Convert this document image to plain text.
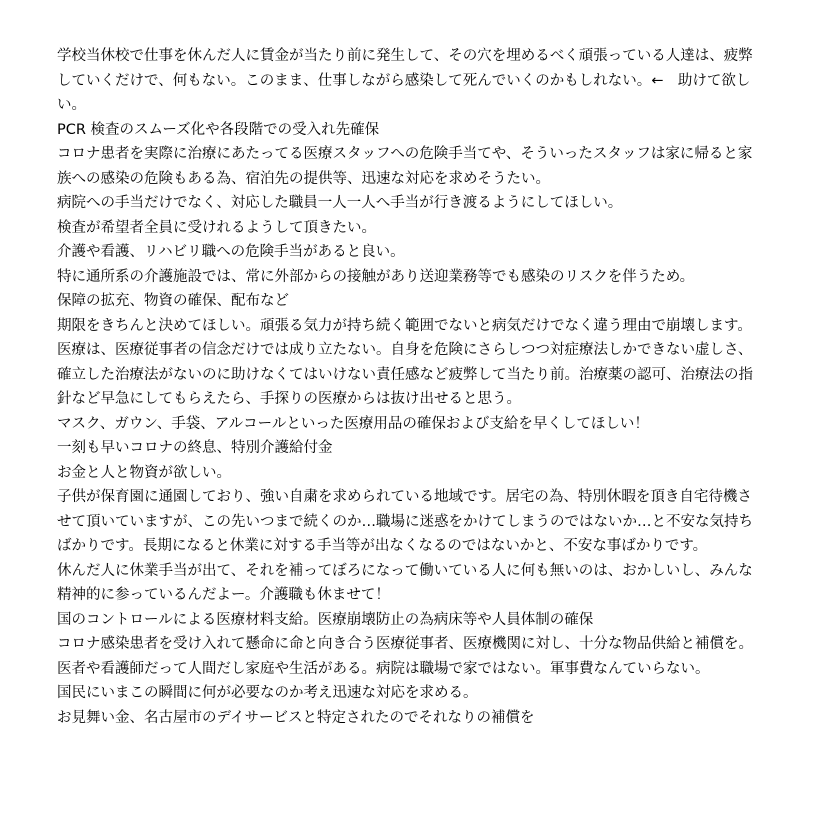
学校当休校で仕事を休んだ人に賃金が当たり前に発生して、その穴を埋めるべく頑張っている人達は、疲弊していくだけで、何もない。このまま、仕事しながら感染して死んでいくのかもしれない。←　助けて欲しい。

PCR 検査のスムーズ化や各段階での受入れ先確保

コロナ患者を実際に治療にあたってる医療スタッフへの危険手当てや、そういったスタッフは家に帰ると家族への感染の危険もある為、宿泊先の提供等、迅速な対応を求めそうたい。

病院への手当だけでなく、対応した職員一人一人へ手当が行き渡るようにしてほしい。

検査が希望者全員に受けれるようして頂きたい。

介護や看護、リハビリ職への危険手当があると良い。

特に通所系の介護施設では、常に外部からの接触があり送迎業務等でも感染のリスクを伴うため。

保障の拡充、物資の確保、配布など

期限をきちんと決めてほしい。頑張る気力が持ち続く範囲でないと病気だけでなく違う理由で崩壊します。

医療は、医療従事者の信念だけでは成り立たない。自身を危険にさらしつつ対症療法しかできない虚しさ、確立した治療法がないのに助けなくてはいけない責任感など疲弊して当たり前。治療薬の認可、治療法の指針など早急にしてもらえたら、手探りの医療からは抜け出せると思う。

マスク、ガウン、手袋、アルコールといった医療用品の確保および支給を早くしてほしい！

一刻も早いコロナの終息、特別介護給付金

お金と人と物資が欲しい。

子供が保育園に通園しており、強い自粛を求められている地域です。居宅の為、特別休暇を頂き自宅待機させて頂いていますが、この先いつまで続くのか…職場に迷惑をかけてしまうのではないか…と不安な気持ちばかりです。長期になると休業に対する手当等が出なくなるのではないかと、不安な事ばかりです。

休んだ人に休業手当が出て、それを補ってぼろになって働いている人に何も無いのは、おかしいし、みんな精神的に参っているんだよー。介護職も休ませて！

国のコントロールによる医療材料支給。医療崩壊防止の為病床等や人員体制の確保

コロナ感染患者を受け入れて懸命に命と向き合う医療従事者、医療機関に対し、十分な物品供給と補償を。医者や看護師だって人間だし家庭や生活がある。病院は職場で家ではない。軍事費なんていらない。

国民にいまこの瞬間に何が必要なのか考え迅速な対応を求める。

お見舞い金、名古屋市のデイサービスと特定されたのでそれなりの補償を
